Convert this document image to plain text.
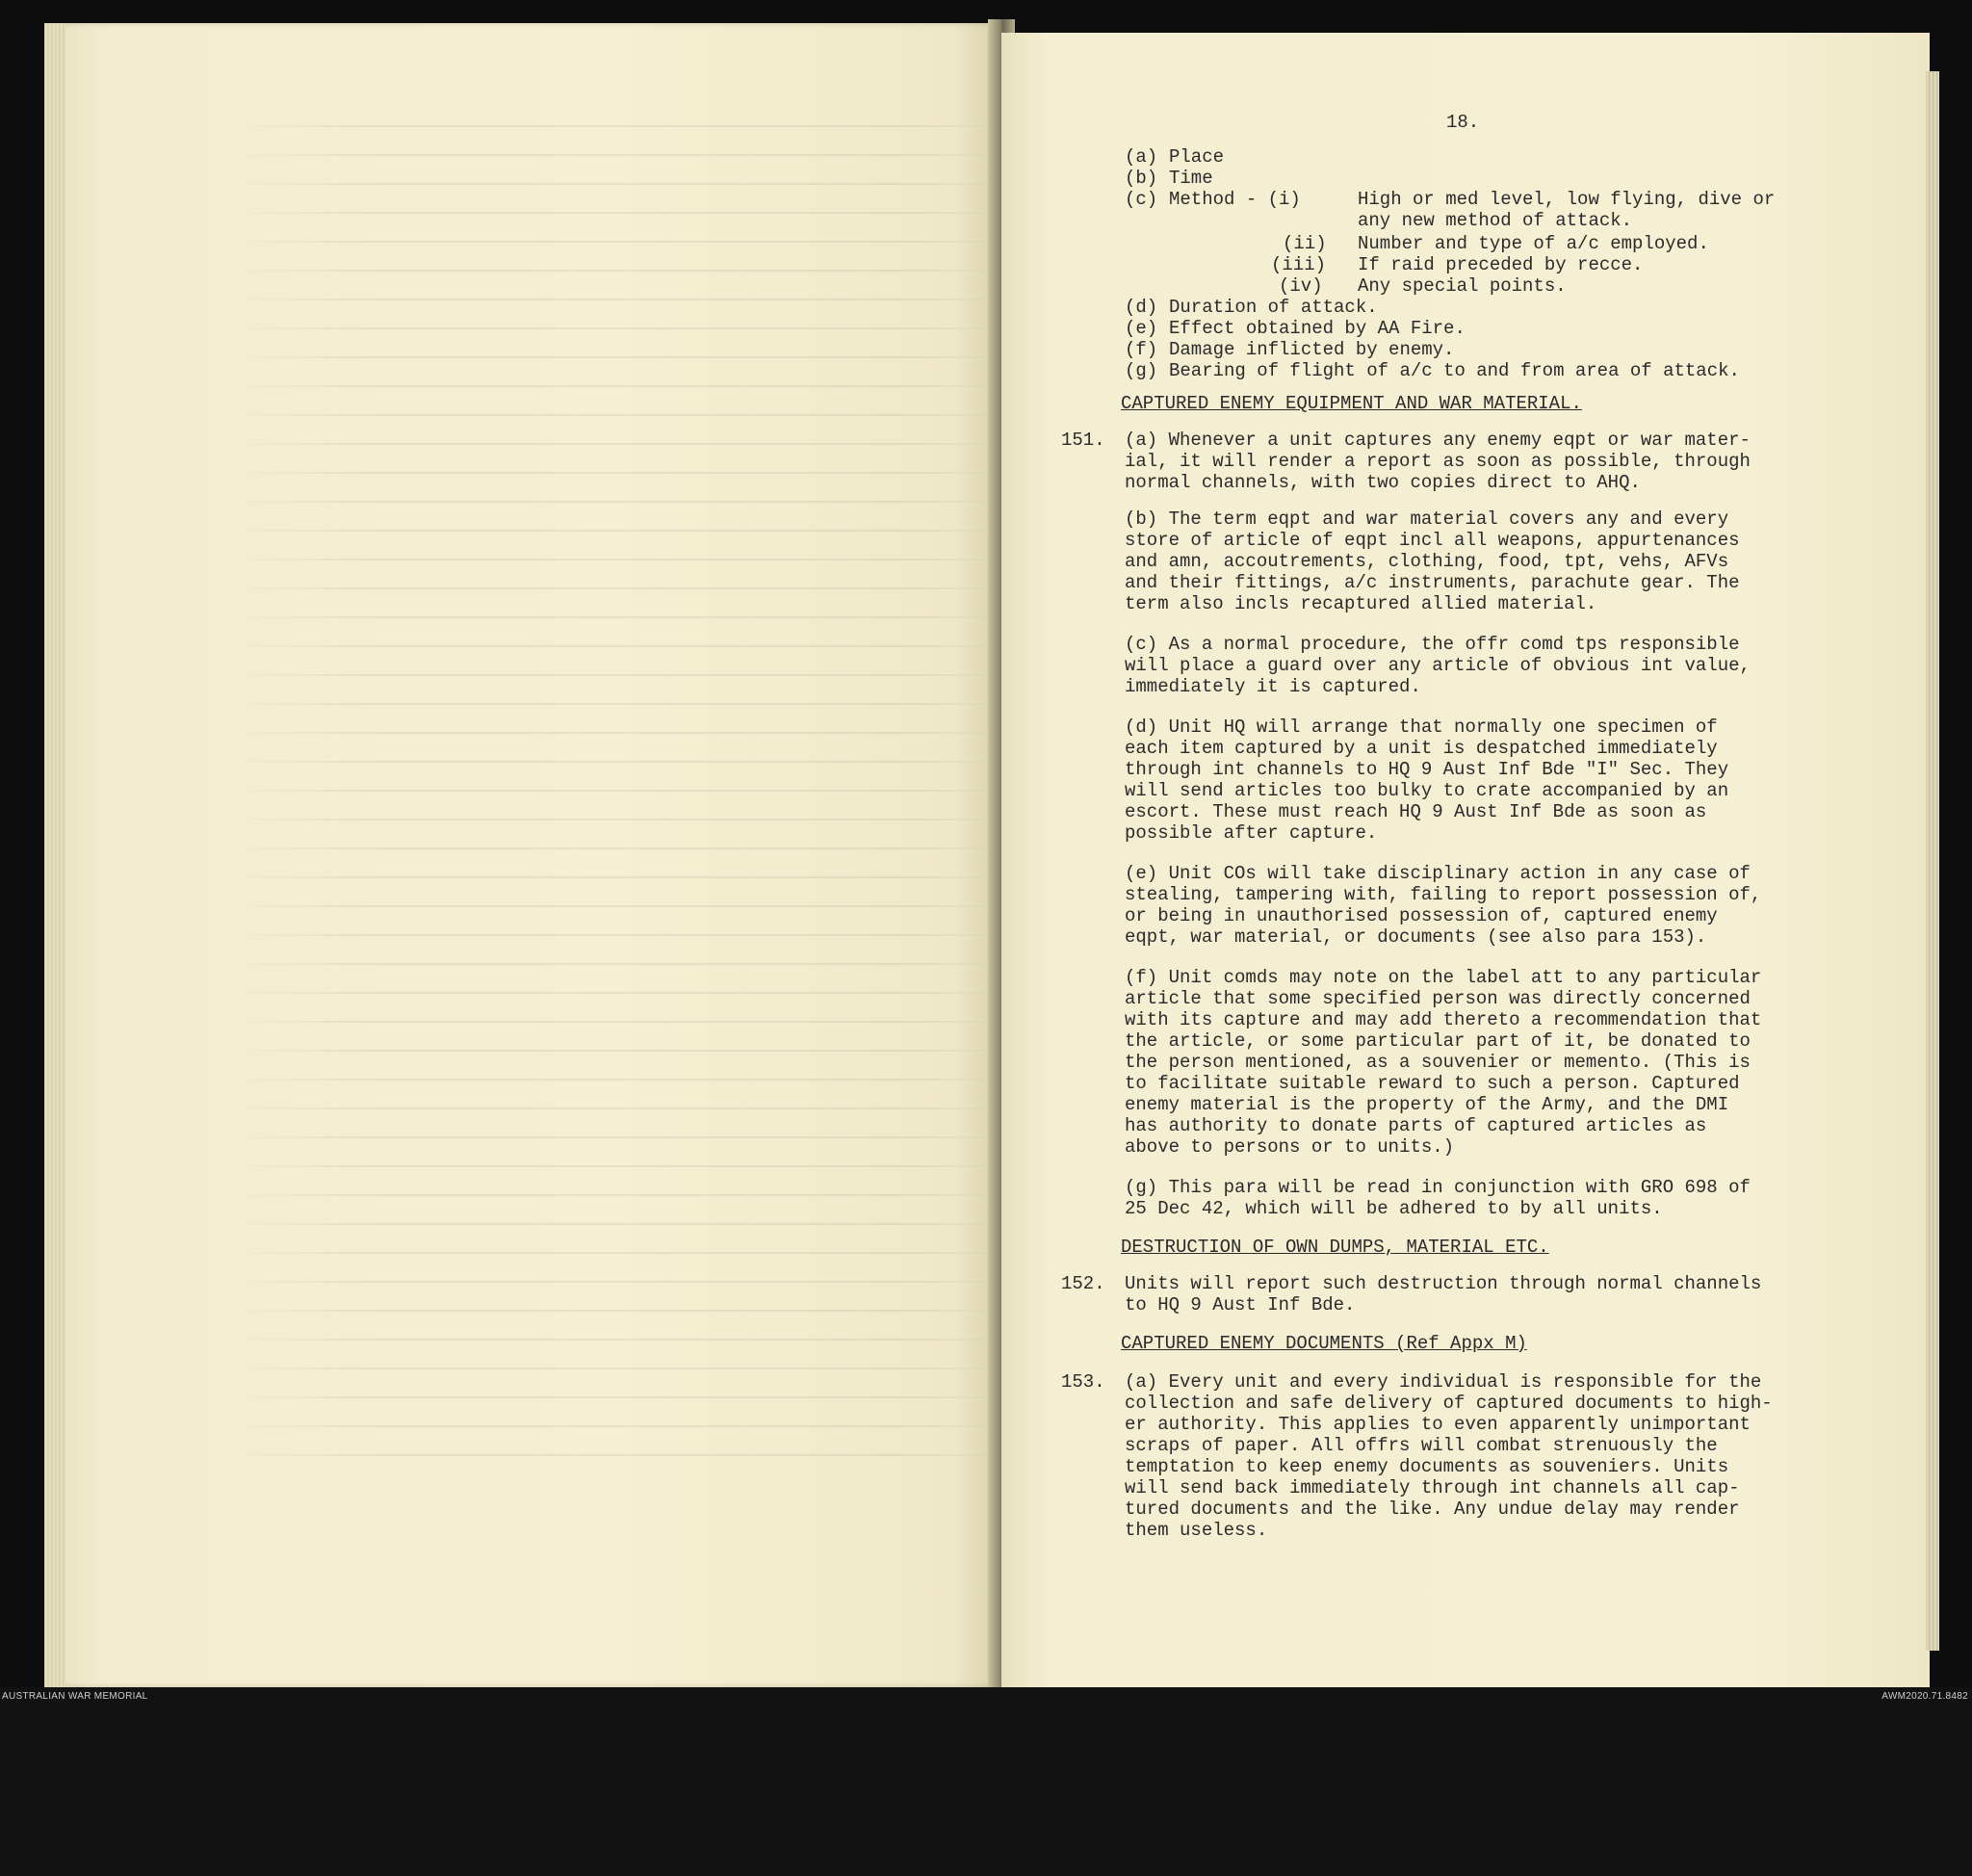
18.

(a)

Place

(b)

Time

(c)

Method - (i)

	High or med level, low flying, dive or

any new method of attack.

(ii)

Number and type of a/c employed.

(iii)

If raid preceded by recce.

(iv)

Any special points.

(d)

Duration of attack.

(e)

Effect obtained by AA Fire.

(f)

Damage inflicted by enemy.

(g)

Bearing of flight of a/c to and from area of attack.

CAPTURED ENEMY EQUIPMENT AND WAR MATERIAL.

151.

(a) Whenever a unit captures any enemy eqpt or war mater-

ial, it will render a report as soon as possible, through

normal channels, with two copies direct to AHQ.

(b) The term eqpt and war material covers any and every

store of article of eqpt incl all weapons, appurtenances

and amn, accoutrements, clothing, food, tpt, vehs, AFVs

and their fittings, a/c instruments, parachute gear. The

term also incls recaptured allied material.

(c) As a normal procedure, the offr comd tps responsible

will place a guard over any article of obvious int value,

immediately it is captured.

(d) Unit HQ will arrange that normally one specimen of

each item captured by a unit is despatched immediately

through int channels to HQ 9 Aust Inf Bde "I" Sec. They

will send articles too bulky to crate accompanied by an

escort. These must reach HQ 9 Aust Inf Bde as soon as

possible after capture.

(e) Unit COs will take disciplinary action in any case of

stealing, tampering with, failing to report possession of,

or being in unauthorised possession of, captured enemy

eqpt, war material, or documents (see also para 153).

(f) Unit comds may note on the label att to any particular

article that some specified person was directly concerned

with its capture and may add thereto a recommendation that

the article, or some particular part of it, be donated to

the person mentioned, as a souvenier or memento. (This is

to facilitate suitable reward to such a person. Captured

enemy material is the property of the Army, and the DMI

has authority to donate parts of captured articles as

above to persons or to units.)

(g) This para will be read in conjunction with GRO 698 of

25 Dec 42, which will be adhered to by all units.

DESTRUCTION OF OWN DUMPS, MATERIAL ETC.

152.

Units will report such destruction through normal channels

to HQ 9 Aust Inf Bde.

CAPTURED ENEMY DOCUMENTS (Ref Appx M)

153.

(a) Every unit and every individual is responsible for the

collection and safe delivery of captured documents to high-

er authority. This applies to even apparently unimportant

scraps of paper. All offrs will combat strenuously the

temptation to keep enemy documents as souveniers. Units

will send back immediately through int channels all cap-

tured documents and the like. Any undue delay may render

them useless.

AUSTRALIAN WAR MEMORIAL	AWM2020.71.8482
